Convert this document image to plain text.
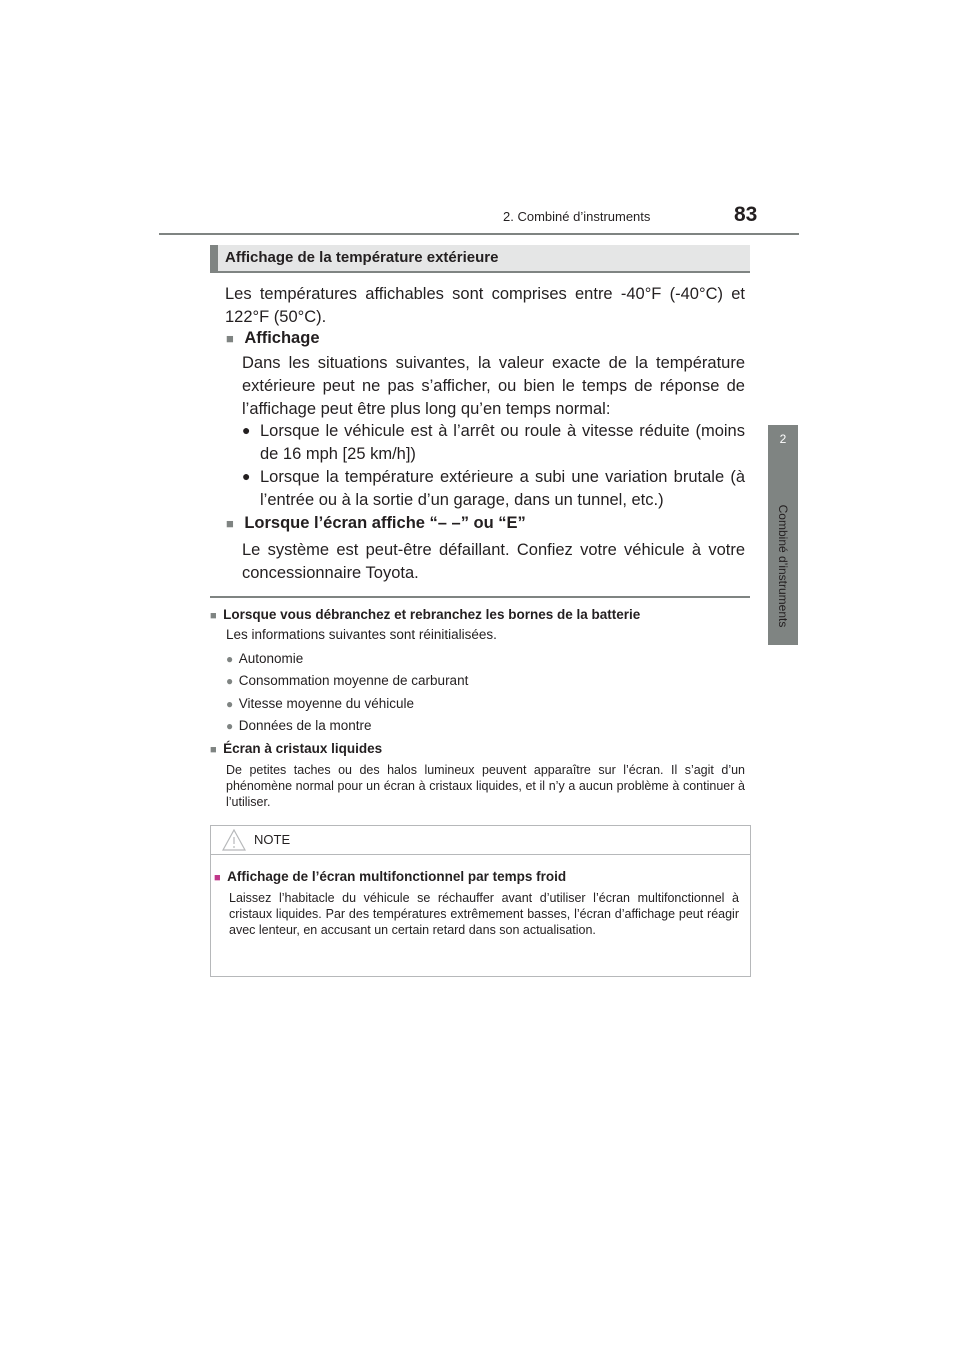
2. Combiné d’instruments	83
2
Combiné d’instruments
Affichage de la température extérieure
Les températures affichables sont comprises entre -40°F (-40°C) et 122°F (50°C).
■ Affichage
Dans les situations suivantes, la valeur exacte de la température extérieure peut ne pas s’afficher, ou bien le temps de réponse de l’affichage peut être plus long qu’en temps normal:
● Lorsque le véhicule est à l’arrêt ou roule à vitesse réduite (moins de 16 mph [25 km/h])
● Lorsque la température extérieure a subi une variation brutale (à l’entrée ou à la sortie d’un garage, dans un tunnel, etc.)
■ Lorsque l’écran affiche “– –” ou “E”
Le système est peut-être défaillant. Confiez votre véhicule à votre concessionnaire Toyota.
■ Lorsque vous débranchez et rebranchez les bornes de la batterie
Les informations suivantes sont réinitialisées.
● Autonomie
● Consommation moyenne de carburant
● Vitesse moyenne du véhicule
● Données de la montre
■ Écran à cristaux liquides
De petites taches ou des halos lumineux peuvent apparaître sur l’écran. Il s’agit d’un phénomène normal pour un écran à cristaux liquides, et il n’y a aucun problème à continuer à l’utiliser.
NOTE
■ Affichage de l’écran multifonctionnel par temps froid
Laissez l’habitacle du véhicule se réchauffer avant d’utiliser l’écran multifonctionnel à cristaux liquides. Par des températures extrêmement basses, l’écran d’affichage peut réagir avec lenteur, en accusant un certain retard dans son actualisation.
